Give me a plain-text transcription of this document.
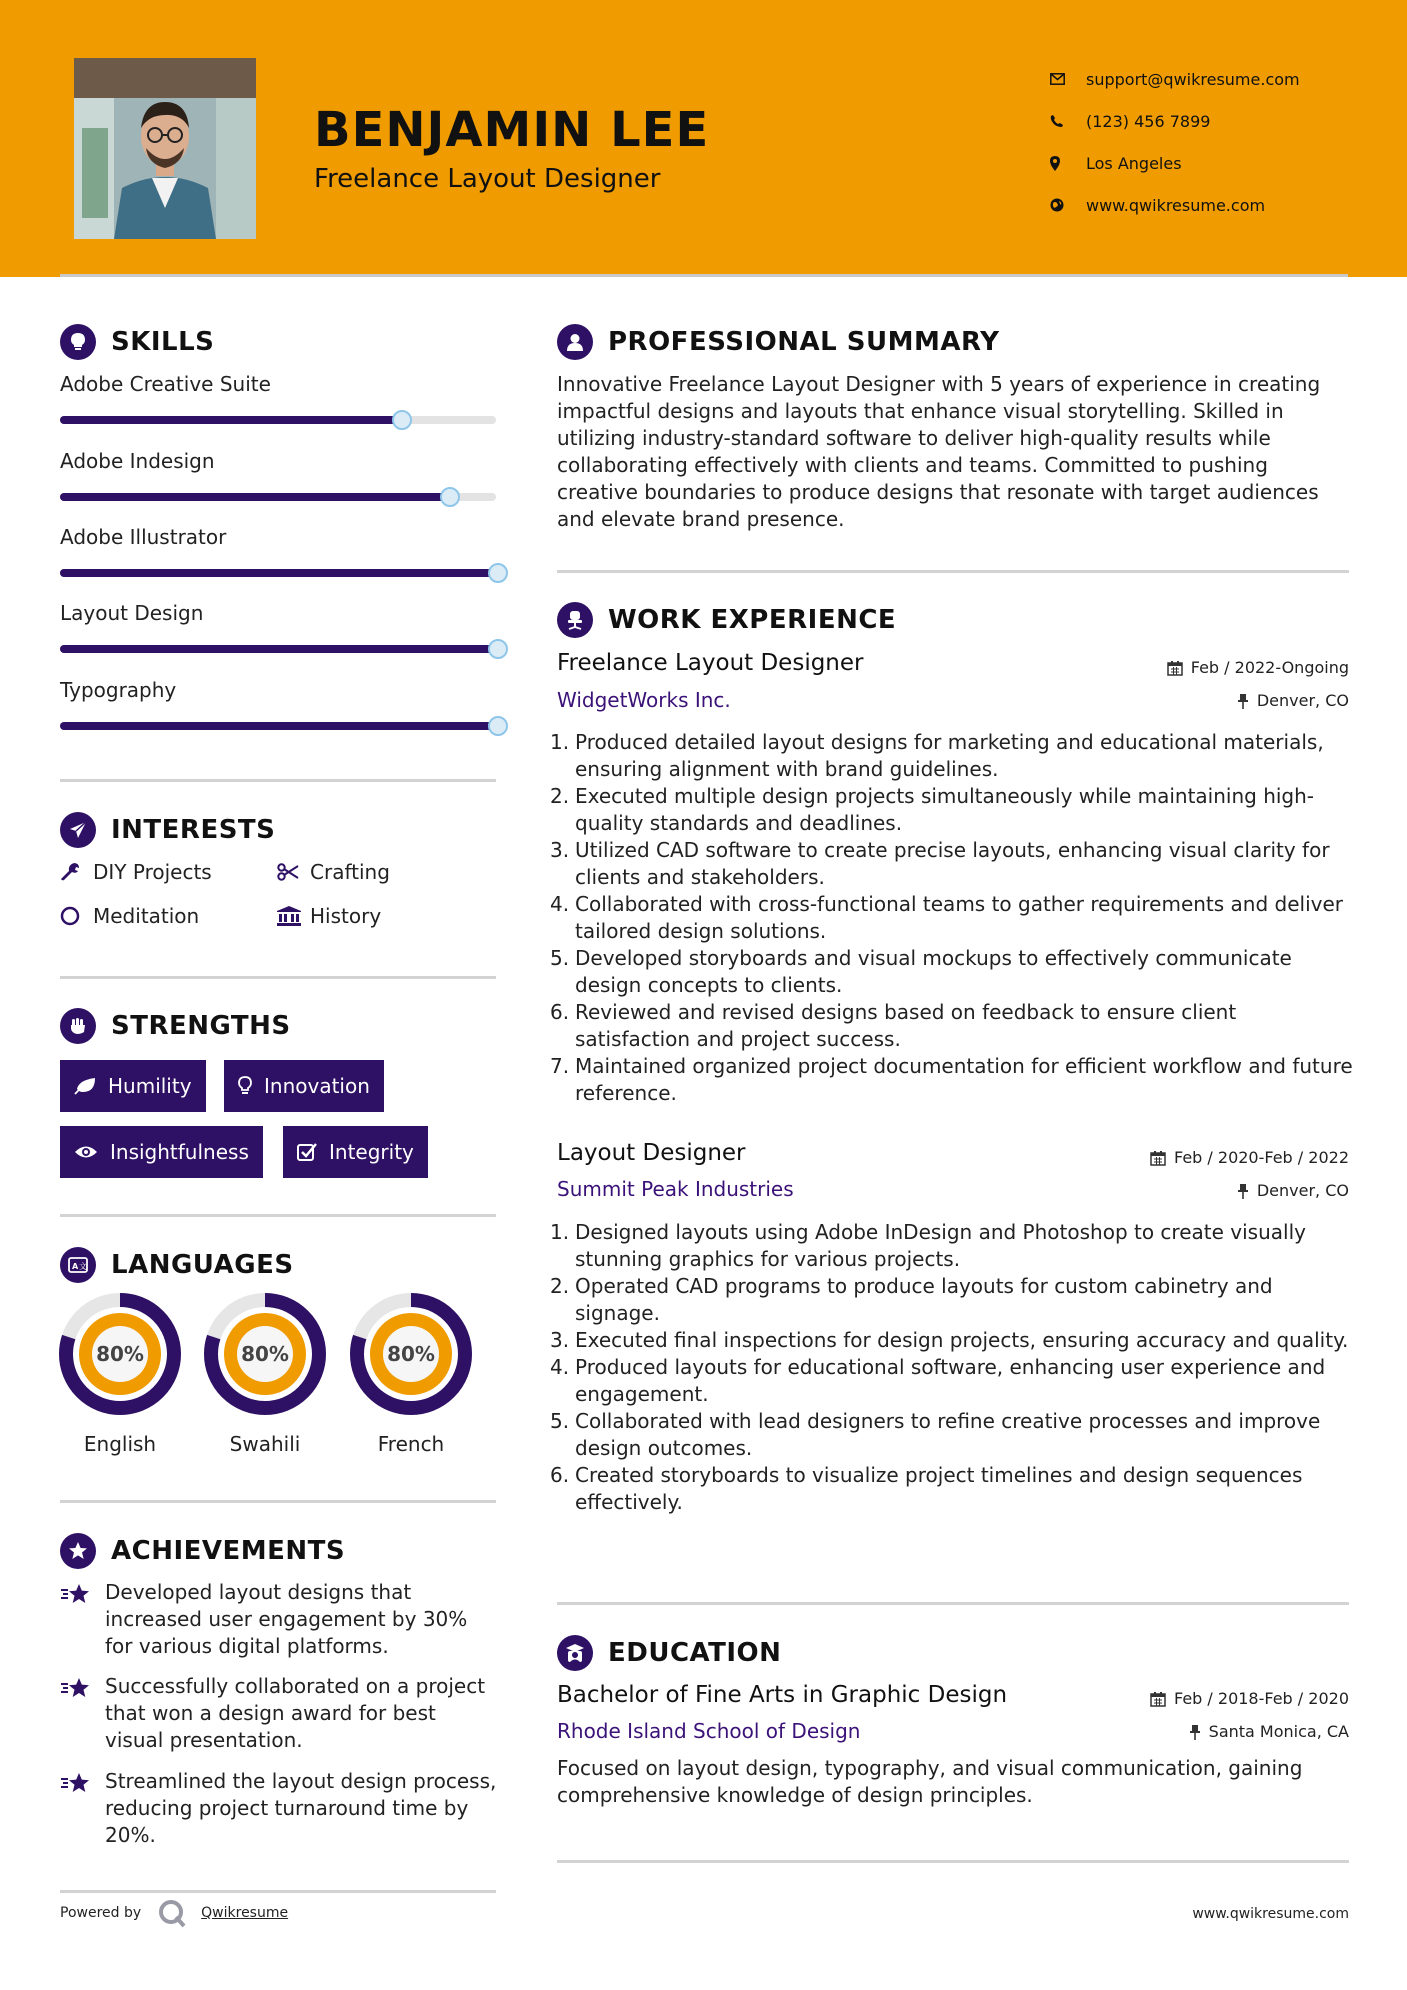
BENJAMIN LEE
Freelance Layout Designer
support@qwikresume.com
(123) 456 7899
Los Angeles
www.qwikresume.com
SKILLS
Adobe Creative Suite
Adobe Indesign
Adobe Illustrator
Layout Design
Typography
INTERESTS
DIY Projects	Crafting
Meditation	History
STRENGTHS
Humility	Innovation
Insightfulness	Integrity
A 文 LANGUAGES
80%
English
80%
Swahili
80%
French
ACHIEVEMENTS
Developed layout designs that increased user engagement by 30% for various digital platforms.
Successfully collaborated on a project that won a design award for best visual presentation.
Streamlined the layout design process, reducing project turnaround time by 20%.
Powered by	Qwikresume	www.qwikresume.com
PROFESSIONAL SUMMARY
Innovative Freelance Layout Designer with 5 years of experience in creating impactful designs and layouts that enhance visual storytelling. Skilled in utilizing industry-standard software to deliver high-quality results while collaborating effectively with clients and teams. Committed to pushing creative boundaries to produce designs that resonate with target audiences and elevate brand presence.
WORK EXPERIENCE
Freelance Layout Designer	Feb / 2022-Ongoing
WidgetWorks Inc.	Denver, CO
1. Produced detailed layout designs for marketing and educational materials, ensuring alignment with brand guidelines.
2. Executed multiple design projects simultaneously while maintaining high-quality standards and deadlines.
3. Utilized CAD software to create precise layouts, enhancing visual clarity for clients and stakeholders.
4. Collaborated with cross-functional teams to gather requirements and deliver tailored design solutions.
5. Developed storyboards and visual mockups to effectively communicate design concepts to clients.
6. Reviewed and revised designs based on feedback to ensure client satisfaction and project success.
7. Maintained organized project documentation for efficient workflow and future reference.
Layout Designer	Feb / 2020-Feb / 2022
Summit Peak Industries	Denver, CO
1. Designed layouts using Adobe InDesign and Photoshop to create visually stunning graphics for various projects.
2. Operated CAD programs to produce layouts for custom cabinetry and signage.
3. Executed final inspections for design projects, ensuring accuracy and quality.
4. Produced layouts for educational software, enhancing user experience and engagement.
5. Collaborated with lead designers to refine creative processes and improve design outcomes.
6. Created storyboards to visualize project timelines and design sequences effectively.
EDUCATION
Bachelor of Fine Arts in Graphic Design	Feb / 2018-Feb / 2020
Rhode Island School of Design	Santa Monica, CA
Focused on layout design, typography, and visual communication, gaining comprehensive knowledge of design principles.
